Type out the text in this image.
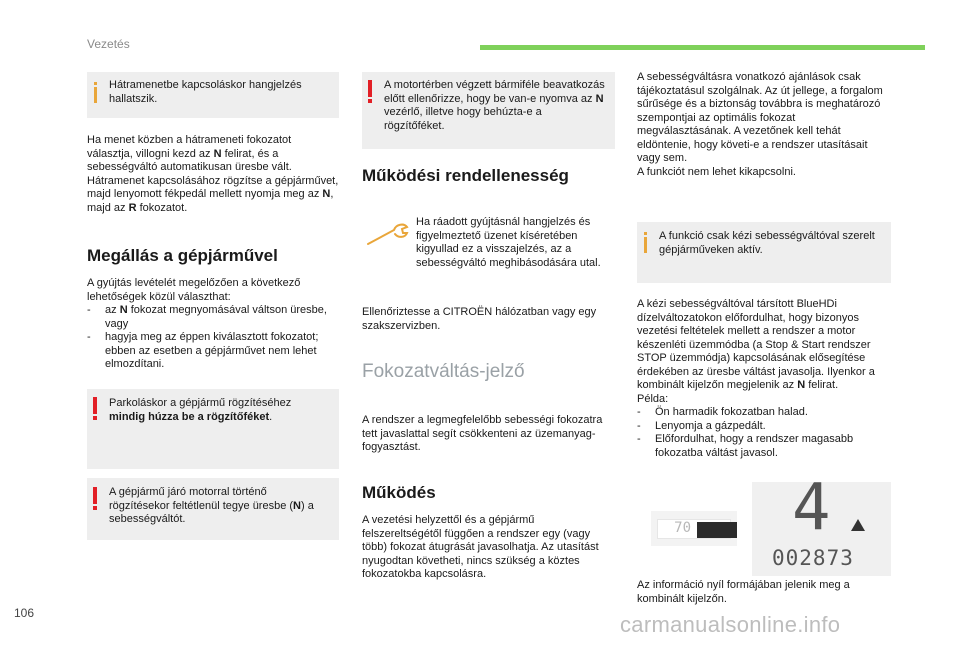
Vezetés
Hátramenetbe kapcsoláskor hangjelzés hallatszik.

Ha menet közben a hátrameneti fokozatot választja, villogni kezd az N felirat, és a sebességváltó automatikusan üresbe vált. Hátramenet kapcsolásához rögzítse a gépjárművet, majd lenyomott fékpedál mellett nyomja meg az N, majd az R fokozatot.

Megállás a gépjárművel

A gyújtás levételét megelőzően a következő lehetőségek közül választhat:

- az N fokozat megnyomásával váltson üresbe, vagy
- hagyja meg az éppen kiválasztott fokozatot; ebben az esetben a gépjárművet nem lehet elmozdítani.
Parkoláskor a gépjármű rögzítéséhez mindig húzza be a rögzítőféket.
A gépjármű járó motorral történő rögzítésekor feltétlenül tegye üresbe (N) a sebességváltót.
A motortérben végzett bármiféle beavatkozás előtt ellenőrizze, hogy be van-e nyomva az N vezérlő, illetve hogy behúzta-e a rögzítőféket.
Működési rendellenesség
Ha ráadott gyújtásnál hangjelzés és figyelmeztető üzenet kíséretében kigyullad ez a visszajelzés, az a sebességváltó meghibásodására utal.
Ellenőriztesse a CITROËN hálózatban vagy egy szakszervizben.
Fokozatváltás-jelző
A rendszer a legmegfelelőbb sebességi fokozatra tett javaslattal segít csökkenteni az üzemanyag-fogyasztást.
Működés
A vezetési helyzettől és a gépjármű felszereltségétől függően a rendszer egy (vagy több) fokozat átugrását javasolhatja. Az utasítást nyugodtan követheti, nincs szükség a köztes fokozatokba kapcsolásra.

A sebességváltásra vonatkozó ajánlások csak tájékoztatásul szolgálnak. Az út jellege, a forgalom sűrűsége és a biztonság továbbra is meghatározó szempontjai az optimális fokozat megválasztásának. A vezetőnek kell tehát eldöntenie, hogy követi-e a rendszer utasításait vagy sem.

A funkciót nem lehet kikapcsolni.

A funkció csak kézi sebességváltóval szerelt gépjárműveken aktív.

A kézi sebességváltóval társított BlueHDi dízelváltozatokon előfordulhat, hogy bizonyos vezetési feltételek mellett a rendszer a motor készenléti üzemmódba (a Stop & Start rendszer STOP üzemmódja) kapcsolásának elősegítése érdekében az üresbe váltást javasolja. Ilyenkor a kombinált kijelzőn megjelenik az N felirat.

Példa:

- Ön harmadik fokozatban halad.
- Lenyomja a gázpedált.
- Előfordulhat, hogy a rendszer magasabb fokozatba váltást javasol.
70 4
002873
Az információ nyíl formájában jelenik meg a kombinált kijelzőn.
106	carmanualsonline.info
